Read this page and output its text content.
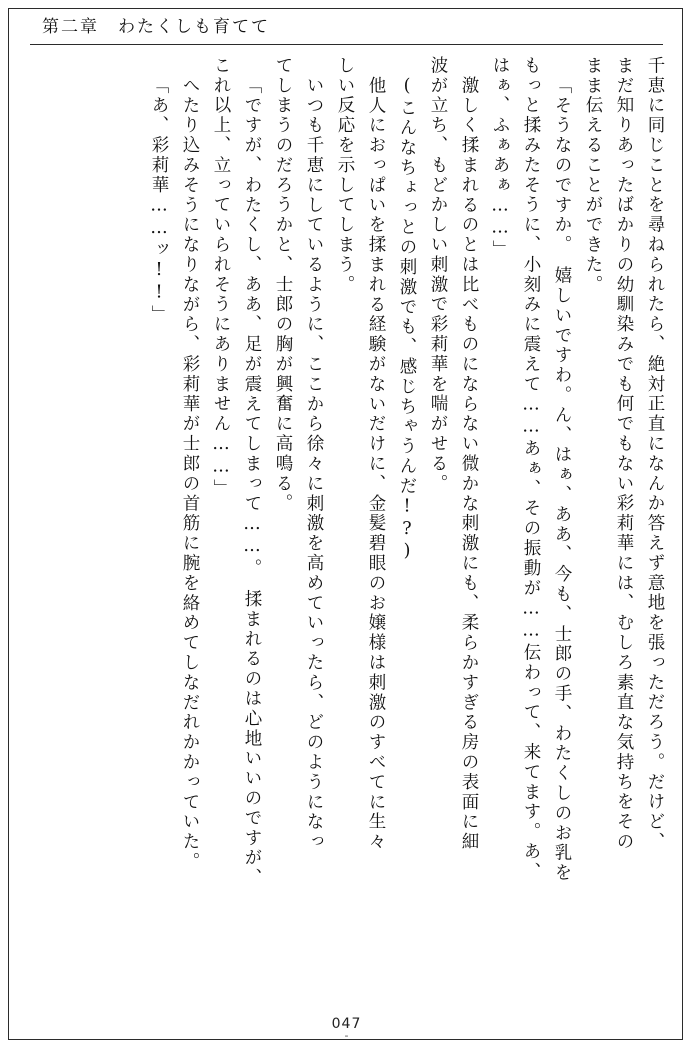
第二章　わたくしも育てて
千恵に同じことを尋ねられたら、絶対正直になんか答えず意地を張っただろう。だけど、
まだ知りあったばかりの幼馴染みでも何でもない彩莉華には、むしろ素直な気持ちをその
まま伝えることができた。
「そうなのですか。　嬉しいですわ。ん、はぁ、ああ、今も、士郎の手、わたくしのお乳を
もっと揉みたそうに、小刻みに震えて……あぁ、その振動が……伝わって、来てます。あ、
はぁ、ふぁあぁ……」
激しく揉まれるのとは比べものにならない微かな刺激にも、柔らかすぎる房の表面に細
波が立ち、もどかしい刺激で彩莉華を喘がせる。
(こんなちょっとの刺激でも、感じちゃうんだ!?)
他人におっぱいを揉まれる経験がないだけに、金髪碧眼のお嬢様は刺激のすべてに生々
しい反応を示してしまう。
いつも千恵にしているように、ここから徐々に刺激を高めていったら、どのようになっ
てしまうのだろうかと、士郎の胸が興奮に高鳴る。
「ですが、わたくし、ああ、足が震えてしまって……。　揉まれるのは心地いいのですが、
これ以上、立っていられそうにありません……」
へたり込みそうになりながら、彩莉華が士郎の首筋に腕を絡めてしなだれかかっていた。
「あ、彩莉華……ッ!!」
047
-
